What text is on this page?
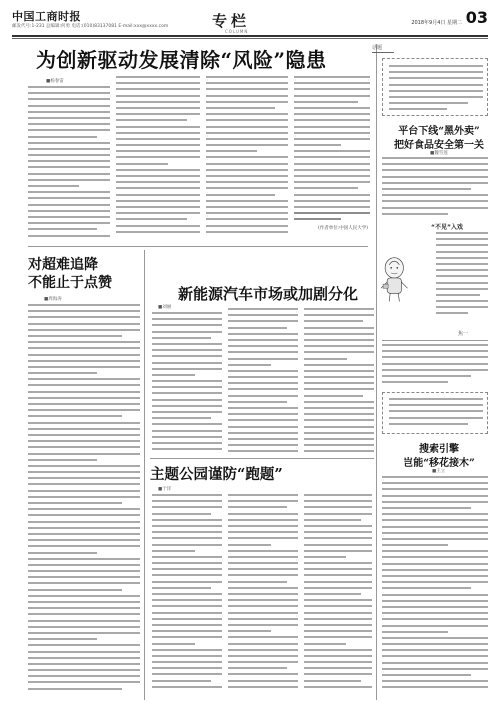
中国工商时报
邮发代号:1-231 总编辑:何勇 电话:(010)83137081 E-mail:xxx@xxxx.com	专栏
COLUMN
2018年9月4日 星期二 03
为创新驱动发展清除“风险”隐患
■杨春雷
(作者单位:中国人民大学)
对超难追降
不能止于点赞
■周海涛	新能源汽车市场或加剧分化
■刘丽
主题公园谨防“跑题”
■于洋
话题
平台下线“黑外卖”
把好食品安全第一关
■魏雪莲
“不见”入戏
焦一
搜索引擎
岂能“移花接木”
■王立
